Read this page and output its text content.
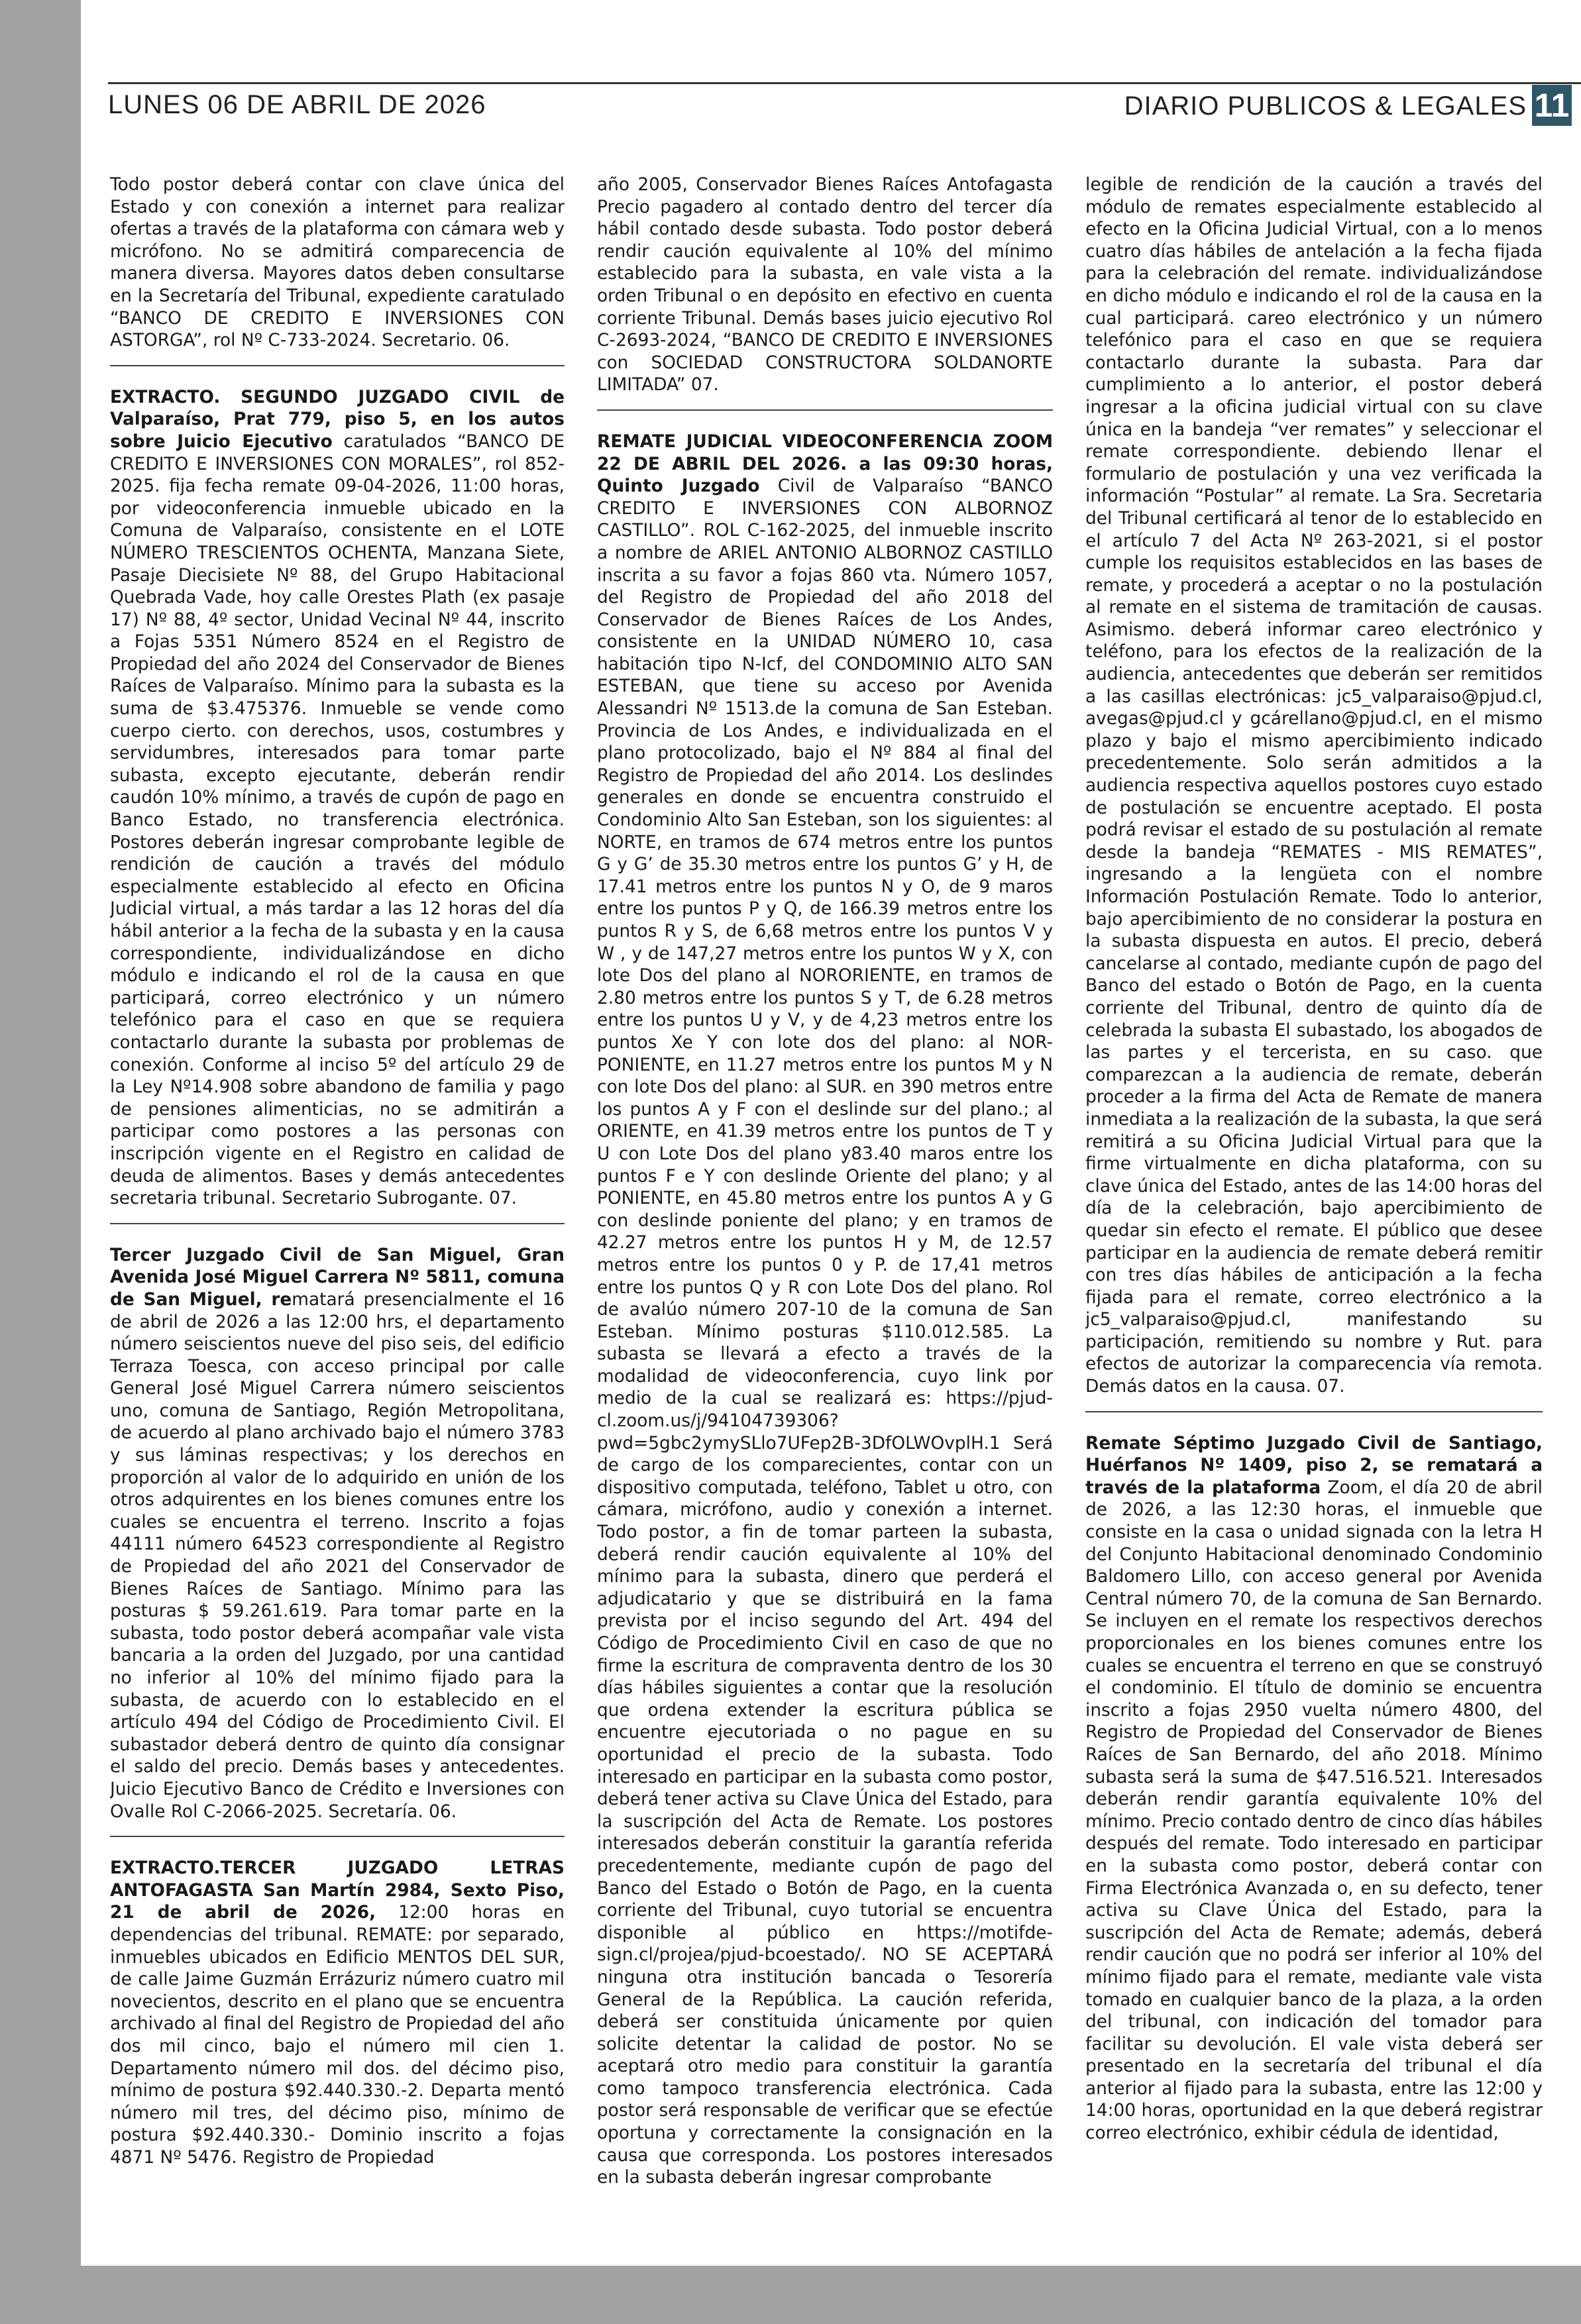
LUNES 06 DE ABRIL DE 2026	DIARIO PUBLICOS & LEGALES 11

Todo postor deberá contar con clave única del Estado y con conexión a internet para realizar ofertas a través de la plataforma con cámara web y micrófono. No se admitirá comparecencia de manera diversa. Mayores datos deben consultarse en la Secretaría del Tribunal, expediente caratulado “BANCO DE CREDITO E INVERSIONES CON ASTORGA”, rol Nº C-733-2024. Secretario. 06.

EXTRACTO. SEGUNDO JUZGADO CIVIL de Valparaíso, Prat 779, piso 5, en los autos sobre Juicio Ejecutivo caratulados “BANCO DE CREDITO E INVERSIONES CON MORALES”, rol 852-2025. fija fecha remate 09-04-2026, 11:00 horas, por videoconferencia inmueble ubicado en la Comuna de Valparaíso, consistente en el LOTE NÚMERO TRESCIENTOS OCHENTA, Manzana Siete, Pasaje Diecisiete Nº 88, del Grupo Habitacional Quebrada Vade, hoy calle Orestes Plath (ex pasaje 17) Nº 88, 4º sector, Unidad Vecinal Nº 44, inscrito a Fojas 5351 Número 8524 en el Registro de Propiedad del año 2024 del Conservador de Bienes Raíces de Valparaíso. Mínimo para la subasta es la suma de $3.475376. Inmueble se vende como cuerpo cierto. con derechos, usos, costumbres y servidumbres, interesados para tomar parte subasta, excepto ejecutante, deberán rendir caudón 10% mínimo, a través de cupón de pago en Banco Estado, no transferencia electrónica. Postores deberán ingresar comprobante legible de rendición de caución a través del módulo especialmente establecido al efecto en Oficina Judicial virtual, a más tardar a las 12 horas del día hábil anterior a la fecha de la subasta y en la causa correspondiente, individualizándose en dicho módulo e indicando el rol de la causa en que participará, correo electrónico y un número telefónico para el caso en que se requiera contactarlo durante la subasta por problemas de conexión. Conforme al inciso 5º del artículo 29 de la Ley Nº14.908 sobre abandono de familia y pago de pensiones alimenticias, no se admitirán a participar como postores a las personas con inscripción vigente en el Registro en calidad de deuda de alimentos. Bases y demás antecedentes secretaria tribunal. Secretario Subrogante. 07.

Tercer Juzgado Civil de San Miguel, Gran Avenida José Miguel Carrera Nº 5811, comuna de San Miguel, rematará presencialmente el 16 de abril de 2026 a las 12:00 hrs, el departamento número seiscientos nueve del piso seis, del edificio Terraza Toesca, con acceso principal por calle General José Miguel Carrera número seiscientos uno, comuna de Santiago, Región Metropolitana, de acuerdo al plano archivado bajo el número 3783 y sus láminas respectivas; y los derechos en proporción al valor de lo adquirido en unión de los otros adquirentes en los bienes comunes entre los cuales se encuentra el terreno. Inscrito a fojas 44111 número 64523 correspondiente al Registro de Propiedad del año 2021 del Conservador de Bienes Raíces de Santiago. Mínimo para las posturas $ 59.261.619. Para tomar parte en la subasta, todo postor deberá acompañar vale vista bancaria a la orden del Juzgado, por una cantidad no inferior al 10% del mínimo fijado para la subasta, de acuerdo con lo establecido en el artículo 494 del Código de Procedimiento Civil. El subastador deberá dentro de quinto día consignar el saldo del precio. Demás bases y antecedentes. Juicio Ejecutivo Banco de Crédito e Inversiones con Ovalle Rol C-2066-2025. Secretaría. 06.

EXTRACTO.TERCER JUZGADO LETRAS ANTOFAGASTA San Martín 2984, Sexto Piso, 21 de abril de 2026, 12:00 horas en dependencias del tribunal. REMATE: por separado, inmuebles ubicados en Edificio MENTOS DEL SUR, de calle Jaime Guzmán Errázuriz número cuatro mil novecientos, descrito en el plano que se encuentra archivado al final del Registro de Propiedad del año dos mil cinco, bajo el número mil cien 1. Departamento número mil dos. del décimo piso, mínimo de postura $92.440.330.-2. Departa mentó número mil tres, del décimo piso, mínimo de postura $92.440.330.- Dominio inscrito a fojas 4871 Nº 5476. Registro de Propiedad

año 2005, Conservador Bienes Raíces Antofagasta Precio pagadero al contado dentro del tercer día hábil contado desde subasta. Todo postor deberá rendir caución equivalente al 10% del mínimo establecido para la subasta, en vale vista a la orden Tribunal o en depósito en efectivo en cuenta corriente Tribunal. Demás bases juicio ejecutivo Rol C-2693-2024, “BANCO DE CREDITO E INVERSIONES con SOCIEDAD CONSTRUCTORA SOLDANORTE LIMITADA” 07.

REMATE JUDICIAL VIDEOCONFERENCIA ZOOM 22 DE ABRIL DEL 2026. a las 09:30 horas, Quinto Juzgado Civil de Valparaíso “BANCO CREDITO E INVERSIONES CON ALBORNOZ CASTILLO”. ROL C-162-2025, del inmueble inscrito a nombre de ARIEL ANTONIO ALBORNOZ CASTILLO inscrita a su favor a fojas 860 vta. Número 1057, del Registro de Propiedad del año 2018 del Conservador de Bienes Raíces de Los Andes, consistente en la UNIDAD NÚMERO 10, casa habitación tipo N-Icf, del CONDOMINIO ALTO SAN ESTEBAN, que tiene su acceso por Avenida Alessandri Nº 1513.de la comuna de San Esteban. Provincia de Los Andes, e individualizada en el plano protocolizado, bajo el Nº 884 al final del Registro de Propiedad del año 2014. Los deslindes generales en donde se encuentra construido el Condominio Alto San Esteban, son los siguientes: al NORTE, en tramos de 674 metros entre los puntos G y G’ de 35.30 metros entre los puntos G’ y H, de 17.41 metros entre los puntos N y O, de 9 maros entre los puntos P y Q, de 166.39 metros entre los puntos R y S, de 6,68 metros entre los puntos V y W , y de 147,27 metros entre los puntos W y X, con lote Dos del plano al NORORIENTE, en tramos de 2.80 metros entre los puntos S y T, de 6.28 metros entre los puntos U y V, y de 4,23 metros entre los puntos Xe Y con lote dos del plano: al NOR-PONIENTE, en 11.27 metros entre los puntos M y N con lote Dos del plano: al SUR. en 390 metros entre los puntos A y F con el deslinde sur del plano.; al ORIENTE, en 41.39 metros entre los puntos de T y U con Lote Dos del plano y83.40 maros entre los puntos F e Y con deslinde Oriente del plano; y al PONIENTE, en 45.80 metros entre los puntos A y G con deslinde poniente del plano; y en tramos de 42.27 metros entre los puntos H y M, de 12.57 metros entre los puntos 0 y P. de 17,41 metros entre los puntos Q y R con Lote Dos del plano. Rol de avalúo número 207-10 de la comuna de San Esteban. Mínimo posturas $110.012.585. La subasta se llevará a efecto a través de la modalidad de videoconferencia, cuyo link por medio de la cual se realizará es: https://pjud-cl.zoom.us/j/94104739306?pwd=5gbc2ymySLlo7UFep2B-3DfOLWOvplH.1 Será de cargo de los comparecientes, contar con un dispositivo computada, teléfono, Tablet u otro, con cámara, micrófono, audio y conexión a internet. Todo postor, a fin de tomar parteen la subasta, deberá rendir caución equivalente al 10% del mínimo para la subasta, dinero que perderá el adjudicatario y que se distribuirá en la fama prevista por el inciso segundo del Art. 494 del Código de Procedimiento Civil en caso de que no firme la escritura de compraventa dentro de los 30 días hábiles siguientes a contar que la resolución que ordena extender la escritura pública se encuentre ejecutoriada o no pague en su oportunidad el precio de la subasta. Todo interesado en participar en la subasta como postor, deberá tener activa su Clave Única del Estado, para la suscripción del Acta de Remate. Los postores interesados deberán constituir la garantía referida precedentemente, mediante cupón de pago del Banco del Estado o Botón de Pago, en la cuenta corriente del Tribunal, cuyo tutorial se encuentra disponible al público en https://motifde-sign.cl/projea/pjud-bcoestado/. NO SE ACEPTARÁ ninguna otra institución bancada o Tesorería General de la República. La caución referida, deberá ser constituida únicamente por quien solicite detentar la calidad de postor. No se aceptará otro medio para constituir la garantía como tampoco transferencia electrónica. Cada postor será responsable de verificar que se efectúe oportuna y correctamente la consignación en la causa que corresponda. Los postores interesados en la subasta deberán ingresar comprobante

legible de rendición de la caución a través del módulo de remates especialmente establecido al efecto en la Oficina Judicial Virtual, con a lo menos cuatro días hábiles de antelación a la fecha fijada para la celebración del remate. individualizándose en dicho módulo e indicando el rol de la causa en la cual participará. careo electrónico y un número telefónico para el caso en que se requiera contactarlo durante la subasta. Para dar cumplimiento a lo anterior, el postor deberá ingresar a la oficina judicial virtual con su clave única en la bandeja “ver remates” y seleccionar el remate correspondiente. debiendo llenar el formulario de postulación y una vez verificada la información “Postular” al remate. La Sra. Secretaria del Tribunal certificará al tenor de lo establecido en el artículo 7 del Acta Nº 263-2021, si el postor cumple los requisitos establecidos en las bases de remate, y procederá a aceptar o no la postulación al remate en el sistema de tramitación de causas. Asimismo. deberá informar careo electrónico y teléfono, para los efectos de la realización de la audiencia, antecedentes que deberán ser remitidos a las casillas electrónicas: jc5_valparaiso@pjud.cl, avegas@pjud.cl y gcárellano@pjud.cl, en el mismo plazo y bajo el mismo apercibimiento indicado precedentemente. Solo serán admitidos a la audiencia respectiva aquellos postores cuyo estado de postulación se encuentre aceptado. El posta podrá revisar el estado de su postulación al remate desde la bandeja “REMATES - MIS REMATES”, ingresando a la lengüeta con el nombre Información Postulación Remate. Todo lo anterior, bajo apercibimiento de no considerar la postura en la subasta dispuesta en autos. El precio, deberá cancelarse al contado, mediante cupón de pago del Banco del estado o Botón de Pago, en la cuenta corriente del Tribunal, dentro de quinto día de celebrada la subasta El subastado, los abogados de las partes y el tercerista, en su caso. que comparezcan a la audiencia de remate, deberán proceder a la firma del Acta de Remate de manera inmediata a la realización de la subasta, la que será remitirá a su Oficina Judicial Virtual para que la firme virtualmente en dicha plataforma, con su clave única del Estado, antes de las 14:00 horas del día de la celebración, bajo apercibimiento de quedar sin efecto el remate. El público que desee participar en la audiencia de remate deberá remitir con tres días hábiles de anticipación a la fecha fijada para el remate, correo electrónico a la jc5_valparaiso@pjud.cl, manifestando su participación, remitiendo su nombre y Rut. para efectos de autorizar la comparecencia vía remota. Demás datos en la causa. 07.

Remate Séptimo Juzgado Civil de Santiago, Huérfanos Nº 1409, piso 2, se rematará a través de la plataforma Zoom, el día 20 de abril de 2026, a las 12:30 horas, el inmueble que consiste en la casa o unidad signada con la letra H del Conjunto Habitacional denominado Condominio Baldomero Lillo, con acceso general por Avenida Central número 70, de la comuna de San Bernardo. Se incluyen en el remate los respectivos derechos proporcionales en los bienes comunes entre los cuales se encuentra el terreno en que se construyó el condominio. El título de dominio se encuentra inscrito a fojas 2950 vuelta número 4800, del Registro de Propiedad del Conservador de Bienes Raíces de San Bernardo, del año 2018. Mínimo subasta será la suma de $47.516.521. Interesados deberán rendir garantía equivalente 10% del mínimo. Precio contado dentro de cinco días hábiles después del remate. Todo interesado en participar en la subasta como postor, deberá contar con Firma Electrónica Avanzada o, en su defecto, tener activa su Clave Única del Estado, para la suscripción del Acta de Remate; además, deberá rendir caución que no podrá ser inferior al 10% del mínimo fijado para el remate, mediante vale vista tomado en cualquier banco de la plaza, a la orden del tribunal, con indicación del tomador para facilitar su devolución. El vale vista deberá ser presentado en la secretaría del tribunal el día anterior al fijado para la subasta, entre las 12:00 y 14:00 horas, oportunidad en la que deberá registrar correo electrónico, exhibir cédula de identidad,
